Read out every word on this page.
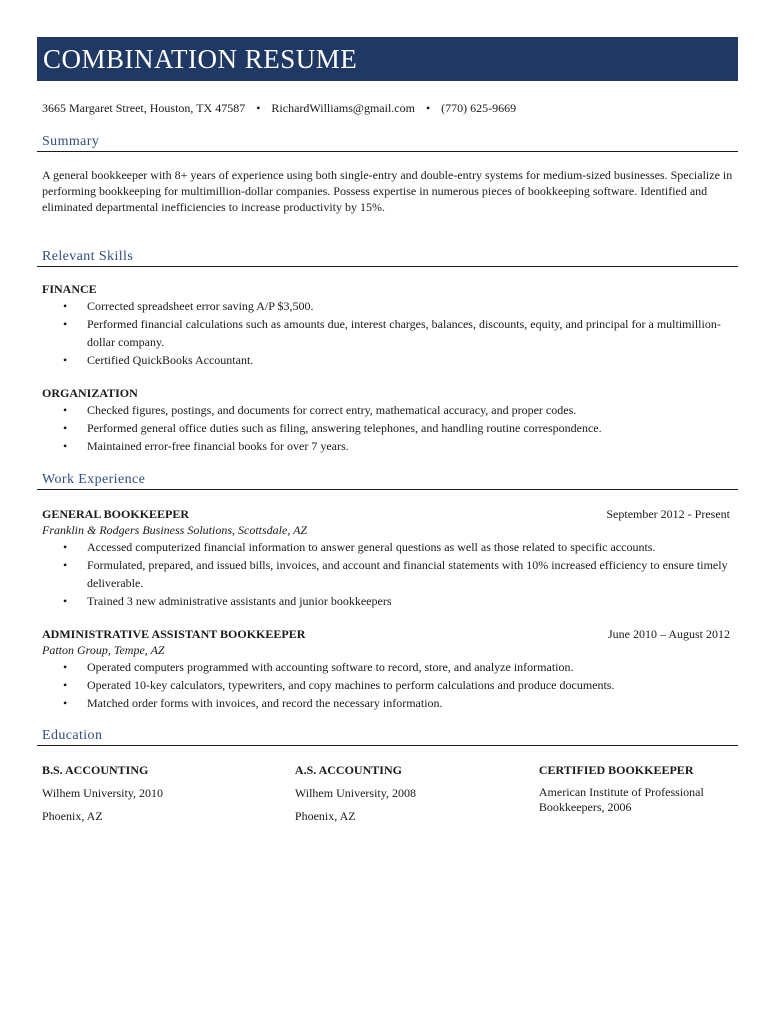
COMBINATION RESUME
3665 Margaret Street, Houston, TX 47587 • RichardWilliams@gmail.com • (770) 625-9669
Summary
A general bookkeeper with 8+ years of experience using both single-entry and double-entry systems for medium-sized businesses. Specialize in performing bookkeeping for multimillion-dollar companies. Possess expertise in numerous pieces of bookkeeping software. Identified and eliminated departmental inefficiencies to increase productivity by 15%.
Relevant Skills
FINANCE
• Corrected spreadsheet error saving A/P $3,500.
• Performed financial calculations such as amounts due, interest charges, balances, discounts, equity, and principal for a multimillion-dollar company.
• Certified QuickBooks Accountant.
ORGANIZATION
• Checked figures, postings, and documents for correct entry, mathematical accuracy, and proper codes.
• Performed general office duties such as filing, answering telephones, and handling routine correspondence.
• Maintained error-free financial books for over 7 years.
Work Experience
GENERAL BOOKKEEPER	September 2012 - Present
Franklin & Rodgers Business Solutions, Scottsdale, AZ
• Accessed computerized financial information to answer general questions as well as those related to specific accounts.
• Formulated, prepared, and issued bills, invoices, and account and financial statements with 10% increased efficiency to ensure timely deliverable.
• Trained 3 new administrative assistants and junior bookkeepers
ADMINISTRATIVE ASSISTANT BOOKKEEPER	June 2010 – August 2012
Patton Group, Tempe, AZ
• Operated computers programmed with accounting software to record, store, and analyze information.
• Operated 10-key calculators, typewriters, and copy machines to perform calculations and produce documents.
• Matched order forms with invoices, and record the necessary information.
Education
B.S. ACCOUNTING
Wilhem University, 2010
Phoenix, AZ
A.S. ACCOUNTING
Wilhem University, 2008
Phoenix, AZ
CERTIFIED BOOKKEEPER
American Institute of Professional Bookkeepers, 2006
